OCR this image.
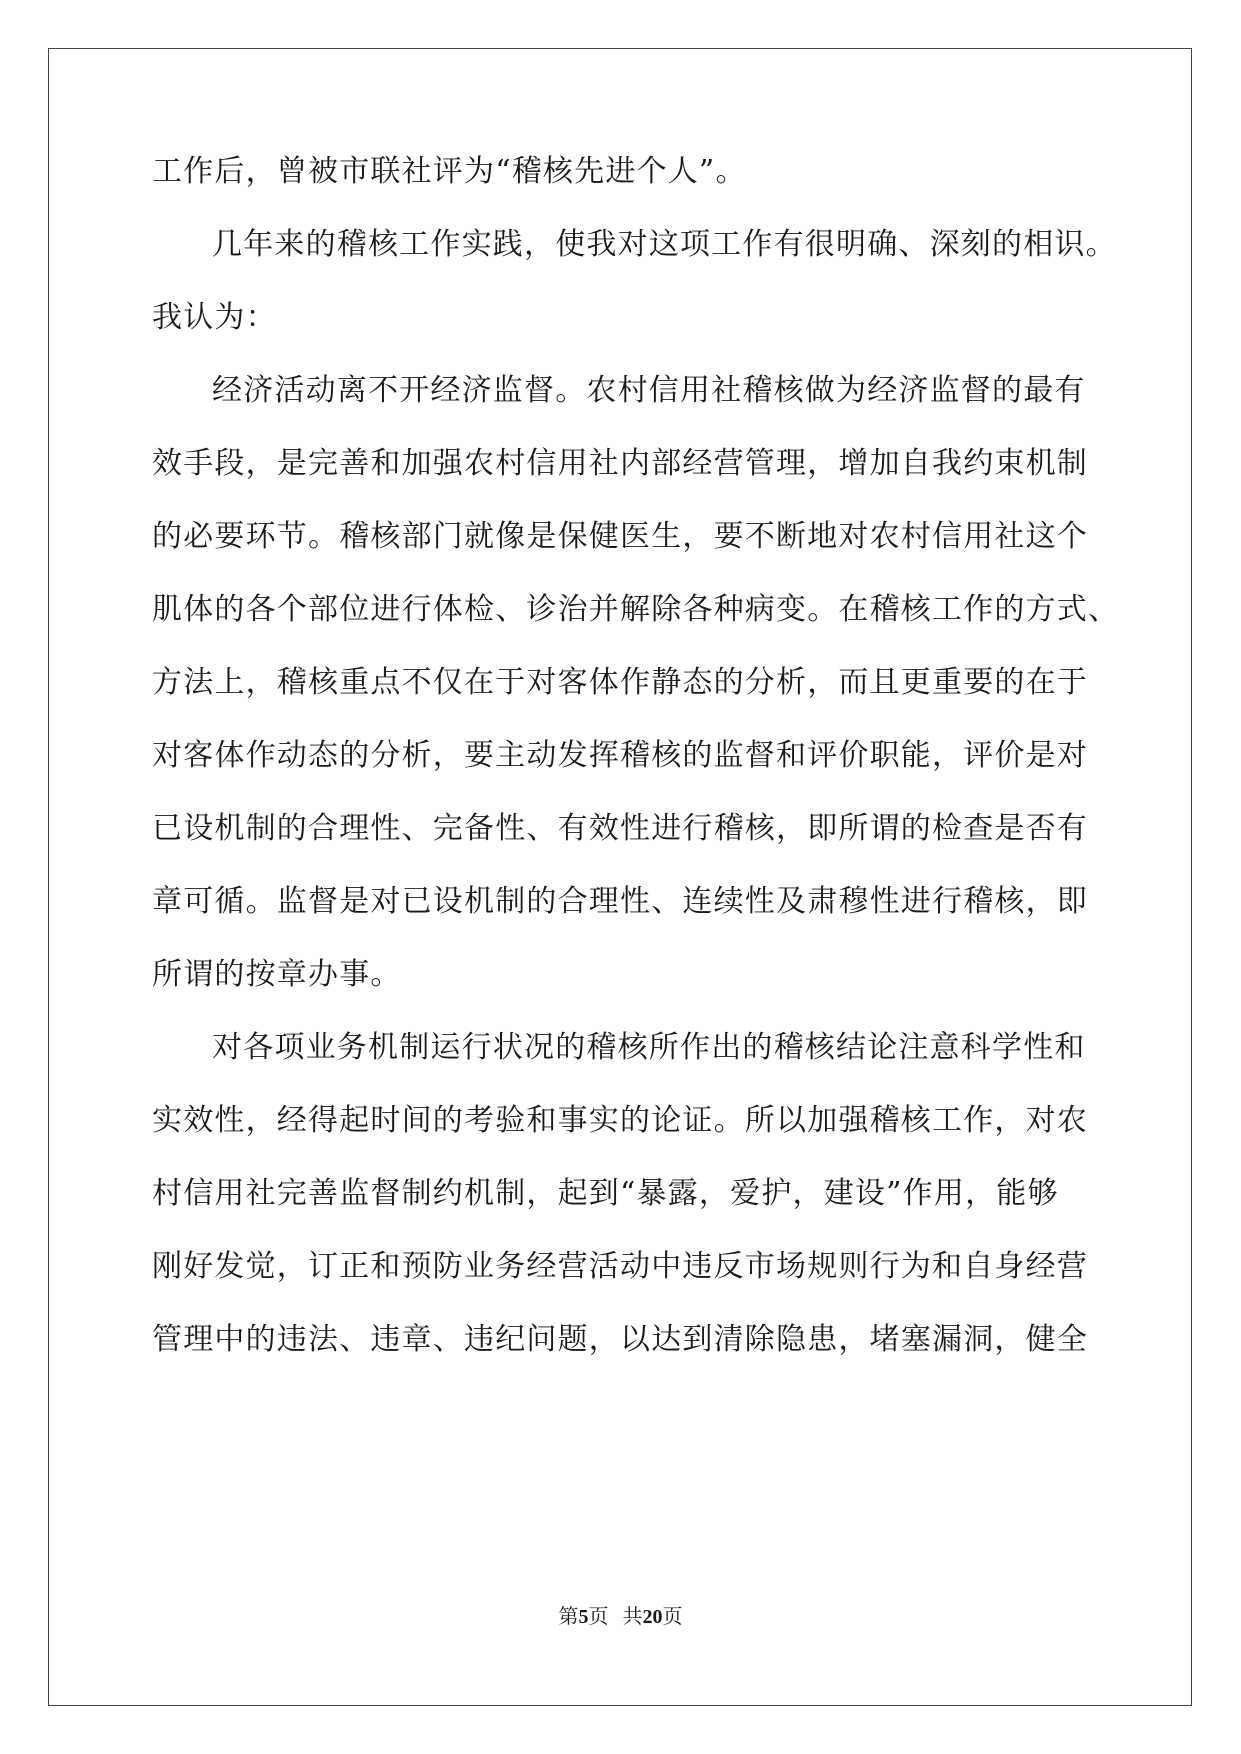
工作后，曾被市联社评为“稽核先进个人”。
几年来的稽核工作实践，使我对这项工作有很明确、深刻的相识。
我认为：
经济活动离不开经济监督。农村信用社稽核做为经济监督的最有
效手段，是完善和加强农村信用社内部经营管理，增加自我约束机制
的必要环节。稽核部门就像是保健医生，要不断地对农村信用社这个
肌体的各个部位进行体检、诊治并解除各种病变。在稽核工作的方式、
方法上，稽核重点不仅在于对客体作静态的分析，而且更重要的在于
对客体作动态的分析，要主动发挥稽核的监督和评价职能，评价是对
已设机制的合理性、完备性、有效性进行稽核，即所谓的检查是否有
章可循。监督是对已设机制的合理性、连续性及肃穆性进行稽核，即
所谓的按章办事。
对各项业务机制运行状况的稽核所作出的稽核结论注意科学性和
实效性，经得起时间的考验和事实的论证。所以加强稽核工作，对农
村信用社完善监督制约机制，起到“暴露，爱护，建设”作用，能够
刚好发觉，订正和预防业务经营活动中违反市场规则行为和自身经营
管理中的违法、违章、违纪问题，以达到清除隐患，堵塞漏洞，健全
第5页 共20页
